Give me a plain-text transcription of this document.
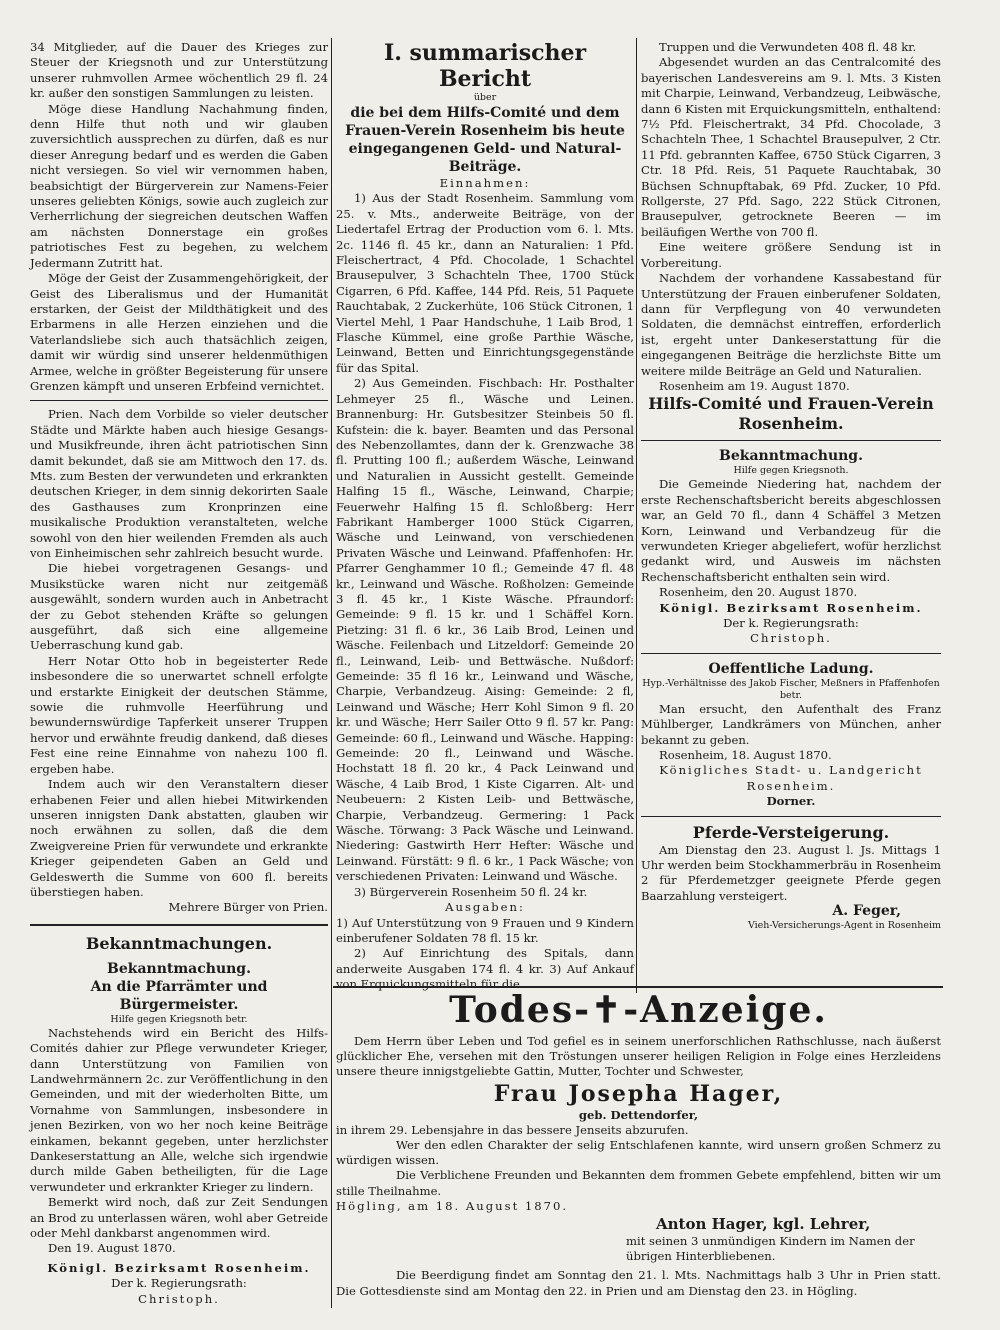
34 Mitglieder, auf die Dauer des Krieges zur Steuer der Kriegsnoth und zur Unterstützung unserer ruhmvollen Armee wöchentlich 29 fl. 24 kr. außer den sonstigen Sammlungen zu leisten.

Möge diese Handlung Nachahmung finden, denn Hilfe thut noth und wir glauben zuversichtlich aussprechen zu dürfen, daß es nur dieser Anregung bedarf und es werden die Gaben nicht versiegen. So viel wir vernommen haben, beabsichtigt der Bürgerverein zur Namens-Feier unseres geliebten Königs, sowie auch zugleich zur Verherrlichung der siegreichen deutschen Waffen am nächsten Donnerstage ein großes patriotisches Fest zu begehen, zu welchem Jedermann Zutritt hat.

Möge der Geist der Zusammengehörigkeit, der Geist des Liberalismus und der Humanität erstarken, der Geist der Mildthätigkeit und des Erbarmens in alle Herzen einziehen und die Vaterlandsliebe sich auch thatsächlich zeigen, damit wir würdig sind unserer heldenmüthigen Armee, welche in größter Begeisterung für unsere Grenzen kämpft und unseren Erbfeind vernichtet.

Prien. Nach dem Vorbilde so vieler deutscher Städte und Märkte haben auch hiesige Gesangs- und Musikfreunde, ihren ächt patriotischen Sinn damit bekundet, daß sie am Mittwoch den 17. ds. Mts. zum Besten der verwundeten und erkrankten deutschen Krieger, in dem sinnig dekorirten Saale des Gasthauses zum Kronprinzen eine musikalische Produktion veranstalteten, welche sowohl von den hier weilenden Fremden als auch von Einheimischen sehr zahlreich besucht wurde.

Die hiebei vorgetragenen Gesangs- und Musikstücke waren nicht nur zeitgemäß ausgewählt, sondern wurden auch in Anbetracht der zu Gebot stehenden Kräfte so gelungen ausgeführt, daß sich eine allgemeine Ueberraschung kund gab.

Herr Notar Otto hob in begeisterter Rede insbesondere die so unerwartet schnell erfolgte und erstarkte Einigkeit der deutschen Stämme, sowie die ruhmvolle Heerführung und bewundernswürdige Tapferkeit unserer Truppen hervor und erwähnte freudig dankend, daß dieses Fest eine reine Einnahme von nahezu 100 fl. ergeben habe.

Indem auch wir den Veranstaltern dieser erhabenen Feier und allen hiebei Mitwirkenden unseren innigsten Dank abstatten, glauben wir noch erwähnen zu sollen, daß die dem Zweigvereine Prien für verwundete und erkrankte Krieger geipendeten Gaben an Geld und Geldeswerth die Summe von 600 fl. bereits überstiegen haben.

Mehrere Bürger von Prien.

Bekanntmachungen.

Bekanntmachung.

An die Pfarrämter und Bürgermeister.

Hilfe gegen Kriegsnoth betr.

Nachstehends wird ein Bericht des Hilfs-Comités dahier zur Pflege verwundeter Krieger, dann Unterstützung von Familien von Landwehrmännern 2c. zur Veröffentlichung in den Gemeinden, und mit der wiederholten Bitte, um Vornahme von Sammlungen, insbesondere in jenen Bezirken, von wo her noch keine Beiträge einkamen, bekannt gegeben, unter herzlichster Dankeserstattung an Alle, welche sich irgendwie durch milde Gaben betheiligten, für die Lage verwundeter und erkrankter Krieger zu lindern.

Bemerkt wird noch, daß zur Zeit Sendungen an Brod zu unterlassen wären, wohl aber Getreide oder Mehl dankbarst angenommen wird.

Den 19. August 1870.

Königl. Bezirksamt Rosenheim.

Der k. Regierungsrath:

Christoph.

I. summarischer Bericht

über

die bei dem Hilfs-Comité und dem Frauen-Verein Rosenheim bis heute eingegangenen Geld- und Natural-Beiträge.

Einnahmen:

1) Aus der Stadt Rosenheim. Sammlung vom 25. v. Mts., anderweite Beiträge, von der Liedertafel Ertrag der Production vom 6. l. Mts. 2c. 1146 fl. 45 kr., dann an Naturalien: 1 Pfd. Fleischertract, 4 Pfd. Chocolade, 1 Schachtel Brausepulver, 3 Schachteln Thee, 1700 Stück Cigarren, 6 Pfd. Kaffee, 144 Pfd. Reis, 51 Paquete Rauchtabak, 2 Zuckerhüte, 106 Stück Citronen, 1 Viertel Mehl, 1 Paar Handschuhe, 1 Laib Brod, 1 Flasche Kümmel, eine große Parthie Wäsche, Leinwand, Betten und Einrichtungsgegenstände für das Spital.

2) Aus Gemeinden. Fischbach: Hr. Posthalter Lehmeyer 25 fl., Wäsche und Leinen. Brannenburg: Hr. Gutsbesitzer Steinbeis 50 fl. Kufstein: die k. bayer. Beamten und das Personal des Nebenzollamtes, dann der k. Grenzwache 38 fl. Prutting 100 fl.; außerdem Wäsche, Leinwand und Naturalien in Aussicht gestellt. Gemeinde Halfing 15 fl., Wäsche, Leinwand, Charpie; Feuerwehr Halfing 15 fl. Schloßberg: Herr Fabrikant Hamberger 1000 Stück Cigarren, Wäsche und Leinwand, von verschiedenen Privaten Wäsche und Leinwand. Pfaffenhofen: Hr. Pfarrer Genghammer 10 fl.; Gemeinde 47 fl. 48 kr., Leinwand und Wäsche. Roßholzen: Gemeinde 3 fl. 45 kr., 1 Kiste Wäsche. Pfraundorf: Gemeinde: 9 fl. 15 kr. und 1 Schäffel Korn. Pietzing: 31 fl. 6 kr., 36 Laib Brod, Leinen und Wäsche. Feilenbach und Litzeldorf: Gemeinde 20 fl., Leinwand, Leib- und Bettwäsche. Nußdorf: Gemeinde: 35 fl 16 kr., Leinwand und Wäsche, Charpie, Verbandzeug. Aising: Gemeinde: 2 fl, Leinwand und Wäsche; Herr Kohl Simon 9 fl. 20 kr. und Wäsche; Herr Sailer Otto 9 fl. 57 kr. Pang: Gemeinde: 60 fl., Leinwand und Wäsche. Happing: Gemeinde: 20 fl., Leinwand und Wäsche. Hochstatt 18 fl. 20 kr., 4 Pack Leinwand und Wäsche, 4 Laib Brod, 1 Kiste Cigarren. Alt- und Neubeuern: 2 Kisten Leib- und Bettwäsche, Charpie, Verbandzeug. Germering: 1 Pack Wäsche. Törwang: 3 Pack Wäsche und Leinwand. Niedering: Gastwirth Herr Hefter: Wäsche und Leinwand. Fürstätt: 9 fl. 6 kr., 1 Pack Wäsche; von verschiedenen Privaten: Leinwand und Wäsche.

3) Bürgerverein Rosenheim 50 fl. 24 kr.

Ausgaben:

1) Auf Unterstützung von 9 Frauen und 9 Kindern einberufener Soldaten 78 fl. 15 kr.

2) Auf Einrichtung des Spitals, dann anderweite Ausgaben 174 fl. 4 kr. 3) Auf Ankauf von Erquickungsmitteln für die

Truppen und die Verwundeten 408 fl. 48 kr.

Abgesendet wurden an das Centralcomité des bayerischen Landesvereins am 9. l. Mts. 3 Kisten mit Charpie, Leinwand, Verbandzeug, Leibwäsche, dann 6 Kisten mit Erquickungsmitteln, enthaltend: 7½ Pfd. Fleischertrakt, 34 Pfd. Chocolade, 3 Schachteln Thee, 1 Schachtel Brausepulver, 2 Ctr. 11 Pfd. gebrannten Kaffee, 6750 Stück Cigarren, 3 Ctr. 18 Pfd. Reis, 51 Paquete Rauchtabak, 30 Büchsen Schnupftabak, 69 Pfd. Zucker, 10 Pfd. Rollgerste, 27 Pfd. Sago, 222 Stück Citronen, Brausepulver, getrocknete Beeren — im beiläufigen Werthe von 700 fl.

Eine weitere größere Sendung ist in Vorbereitung.

Nachdem der vorhandene Kassabestand für Unterstützung der Frauen einberufener Soldaten, dann für Verpflegung von 40 verwundeten Soldaten, die demnächst eintreffen, erforderlich ist, ergeht unter Dankeserstattung für die eingegangenen Beiträge die herzlichste Bitte um weitere milde Beiträge an Geld und Naturalien.

Rosenheim am 19. August 1870.

Hilfs-Comité und Frauen-Verein Rosenheim.

Bekanntmachung.

Hilfe gegen Kriegsnoth.

Die Gemeinde Niedering hat, nachdem der erste Rechenschaftsbericht bereits abgeschlossen war, an Geld 70 fl., dann 4 Schäffel 3 Metzen Korn, Leinwand und Verbandzeug für die verwundeten Krieger abgeliefert, wofür herzlichst gedankt wird, und Ausweis im nächsten Rechenschaftsbericht enthalten sein wird.

Rosenheim, den 20. August 1870.

Königl. Bezirksamt Rosenheim.

Der k. Regierungsrath:

Christoph.

Oeffentliche Ladung.

Hyp.-Verhältnisse des Jakob Fischer, Meßners in Pfaffenhofen betr.

Man ersucht, den Aufenthalt des Franz Mühlberger, Landkrämers von München, anher bekannt zu geben.

Rosenheim, 18. August 1870.

Königliches Stadt- u. Landgericht Rosenheim.

Dorner.

Pferde-Versteigerung.

Am Dienstag den 23. August l. Js. Mittags 1 Uhr werden beim Stockhammerbräu in Rosenheim 2 für Pferdemetzger geeignete Pferde gegen Baarzahlung versteigert.

A. Feger,

Vieh-Versicherungs-Agent in Rosenheim

Todes-✝-Anzeige.

Dem Herrn über Leben und Tod gefiel es in seinem unerforschlichen Rathschlusse, nach äußerst glücklicher Ehe, versehen mit den Tröstungen unserer heiligen Religion in Folge eines Herzleidens unsere theure innigstgeliebte Gattin, Mutter, Tochter und Schwester,

Frau Josepha Hager,

geb. Dettendorfer,

in ihrem 29. Lebensjahre in das bessere Jenseits abzurufen.

Wer den edlen Charakter der selig Entschlafenen kannte, wird unsern großen Schmerz zu würdigen wissen.

Die Verblichene Freunden und Bekannten dem frommen Gebete empfehlend, bitten wir um stille Theilnahme.

Högling, am 18. August 1870.

Anton Hager, kgl. Lehrer,

mit seinen 3 unmündigen Kindern im Namen der übrigen Hinterbliebenen.

Die Beerdigung findet am Sonntag den 21. l. Mts. Nachmittags halb 3 Uhr in Prien statt. Die Gottesdienste sind am Montag den 22. in Prien und am Dienstag den 23. in Högling.
